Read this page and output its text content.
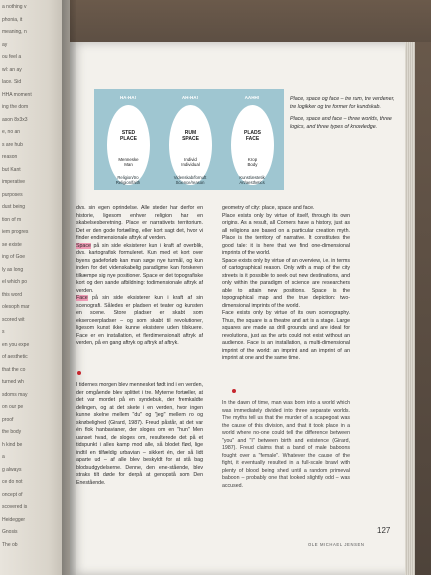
a nothing v
phonia, it
meaning, n
ay
ou feel a
wl: an ay
lace. Sid
HHA moment
ing the dom
ason 8x3x3
e, no an
s are hub
reason
but Kant
imperative
purposes
dust being
tion of m
iem progres
se existe
ing of Goe
ly as long
el which po
this word
olesoph mar
scored wit
s
en you expe
of aesthetic
that the co
turned wh
sdoms may
on our pe
proof
the body
h kind be
a
g always
ce do not
oncept of
scovered is
Heidegger
Gnosis
The ob
HA-HA!
STED
PLACE
Menneske
Man
Religion/tro
Religion/faith
AH-HA!
RUM
SPACE
Individ
Individual
Videnskab/fornuft
Science/reason
AAHH!
PLADS
FACE
Krop
Body
Kunst/æstetik
Art/aesthetics

Place, space og face – tre rum, tre verdener, tre logikker og tre former for kundskab.

Place, space and face – three worlds, three logics, and three types of knowledge.

dvs. sin egen oprindelse. Alle steder har derfor en historie, ligesom enhver religion har en skabelsesberetning. Place er narrativets territorium. Det er den gode fortælling, eller kort sagt det, hvor vi finder endimensionale aftryk af verden.

Space på sin side eksisterer kun i kraft af overblik, dvs. kartografisk formuleret. Kun med et kort over byens gadeforløb kan man søge nye turmål, og kun inden for det videnskabelig paradigme kan forskeren tilkæmpe sig nye positioner. Space er det topografiske kort og den sande afbildning: todimensionale aftryk af verden.

Face på sin side eksisterer kun i kraft af sin scenografi. Således er pladsen et teater og kunsten en scene. Store pladser er skabt som ekserceerpladser – og som skabt til revolutioner, ligesom kunst ikke kunne eksistere uden tilskuere. Face er en installation, et flerdimensionalt aftryk af verden, på en gang aftryk og aftryk af aftryk.

geometry of city: place, space and face.

Place exists only by virtue of itself, through its own origins. As a result, all Corners have a history, just as all religions are based on a particular creation myth. Place is the territory of narrative. It constitutes the good tale: it is here that we find one-dimensional imprints of the world.

Space exists only by virtue of an overview, i.e. in terms of cartographical reason. Only with a map of the city streets is it possible to seek out new destinations, and only within the paradigm of science are researchers able to attain new positions. Space is the topographical map and the true depiction: two-dimensional imprints of the world.

Face exists only by virtue of its own scenography. Thus, the square is a theatre and art is a stage. Large squares are made as drill grounds and are ideal for revolutions, just as the arts could not exist without an audience. Face is an installation, a multi-dimensional imprint of the world: an imprint and an imprint of an imprint at one and the same time.

I tidernes morgen blev mennesket født ind i en verden, der omgående blev splittet i tre. Myterne fortæller, at det var mordet på en syndebuk, der fremkaldte delingen, og at det skete i en verden, hvor ingen kunne skelne mellem "du" og "jeg" mellem ro og skrøbelighed (Girard, 1987). Freud påstår, at det var én flok hanbavianer, der sloges om en "hun" Men uanset hvad, de sloges om, resulterede det på et tidspunkt i alles kamp mod alle, så blodet flød, lige indtil en tilfældig urbavian – sikkert én, der så lidt aparte ud – af alle blev beskyldt for at stå bag blodsudgydelserne. Denne, den ene-stående, blev straks tilt døde for derpå at genopstå som Den Enestående.

In the dawn of time, man was born into a world which was immediately divided into three separate worlds. The myths tell us that the murder of a scapegoat was the cause of this division, and that it took place in a world where no-one could tell the difference between "you" and "I" between birth and existence (Girard, 1987). Freud claims that a band of male baboons fought over a "female". Whatever the cause of the fight, it eventually resulted in a full-scale brawl with plenty of blood being shed until a random primeval baboon – probably one that looked slightly odd – was accused.

127
OLE MICHAEL JENSEN
